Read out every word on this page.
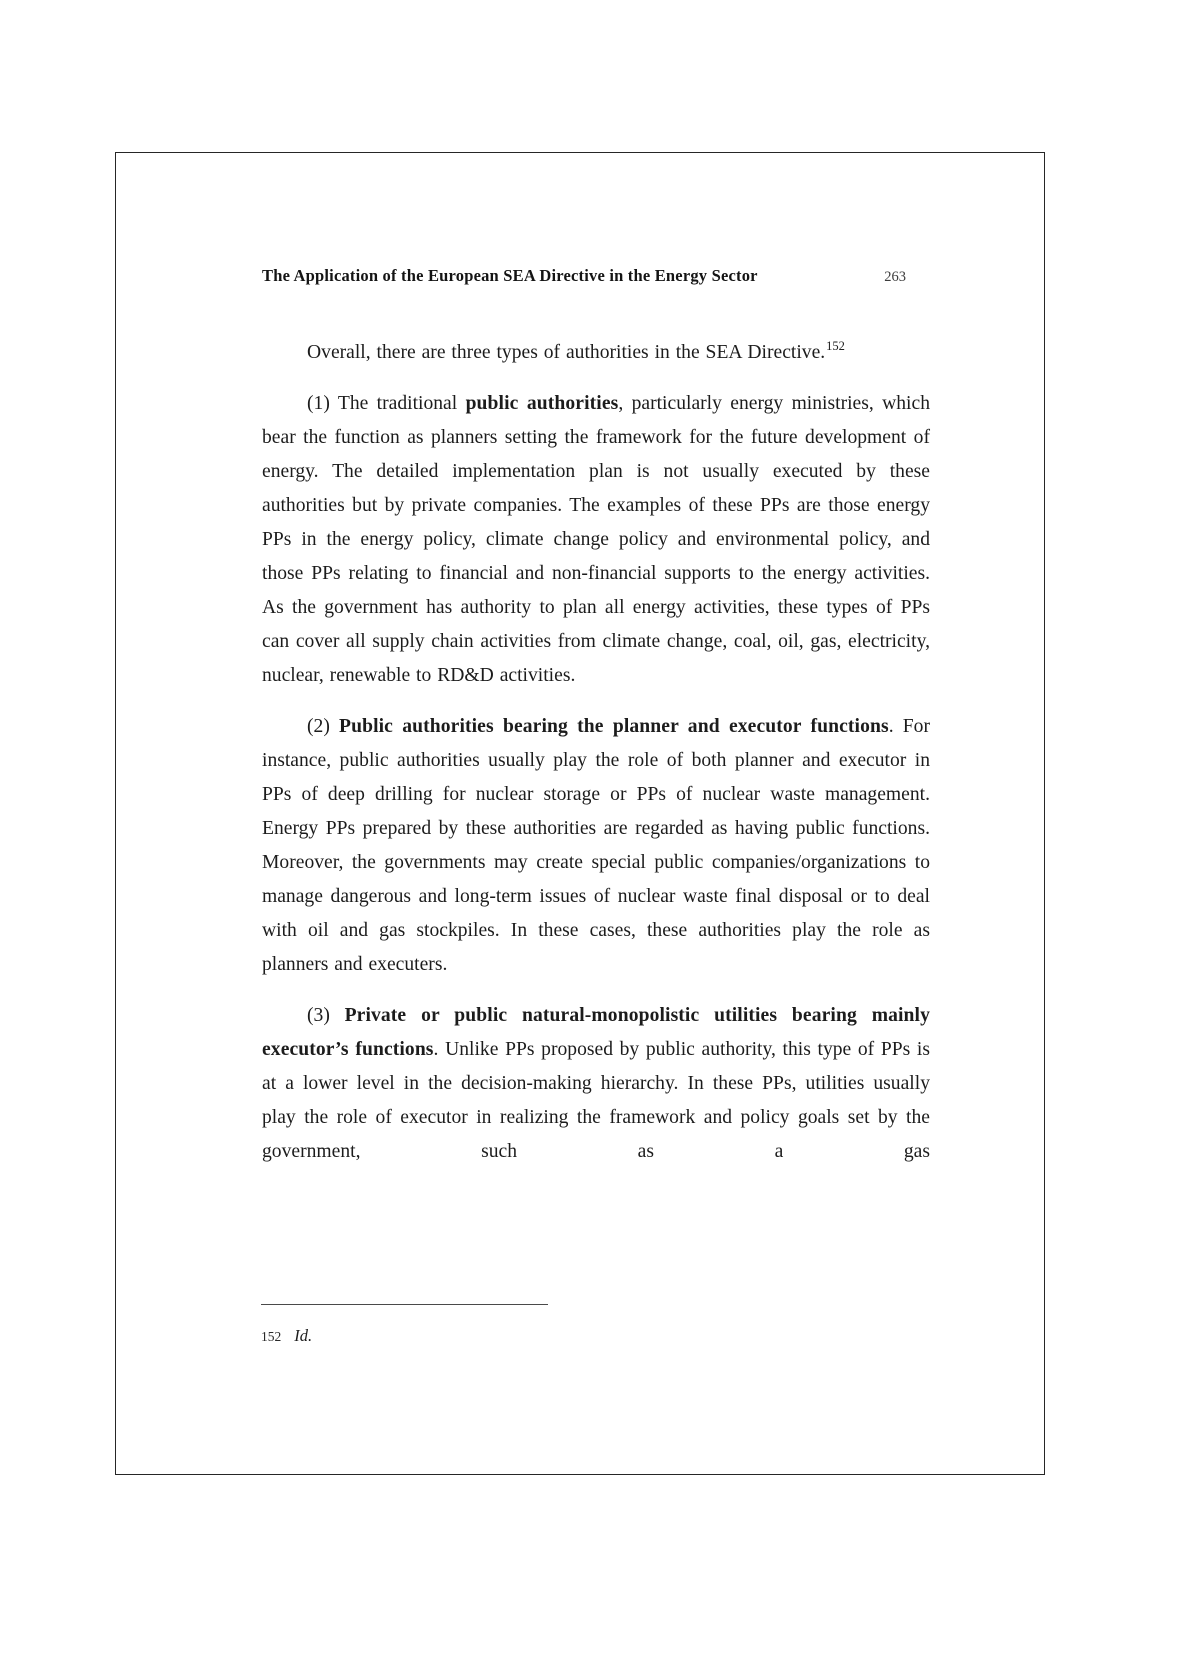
The Application of the European SEA Directive in the Energy Sector	263

Overall, there are three types of authorities in the SEA Directive.$^{152}$

(1) The traditional public authorities, particularly energy ministries, which bear the function as planners setting the framework for the future development of energy. The detailed implementation plan is not usually executed by these authorities but by private companies. The examples of these PPs are those energy PPs in the energy policy, climate change policy and environmental policy, and those PPs relating to financial and non-financial supports to the energy activities. As the government has authority to plan all energy activities, these types of PPs can cover all supply chain activities from climate change, coal, oil, gas, electricity, nuclear, renewable to RD&D activities.

(2) Public authorities bearing the planner and executor functions. For instance, public authorities usually play the role of both planner and executor in PPs of deep drilling for nuclear storage or PPs of nuclear waste management. Energy PPs prepared by these authorities are regarded as having public functions. Moreover, the governments may create special public companies/organizations to manage dangerous and long-term issues of nuclear waste final disposal or to deal with oil and gas stockpiles. In these cases, these authorities play the role as planners and executers.

(3) Private or public natural-monopolistic utilities bearing mainly executor’s functions. Unlike PPs proposed by public authority, this type of PPs is at a lower level in the decision-making hierarchy. In these PPs, utilities usually play the role of executor in realizing the framework and policy goals set by the government, such as a gas

152 Id.
